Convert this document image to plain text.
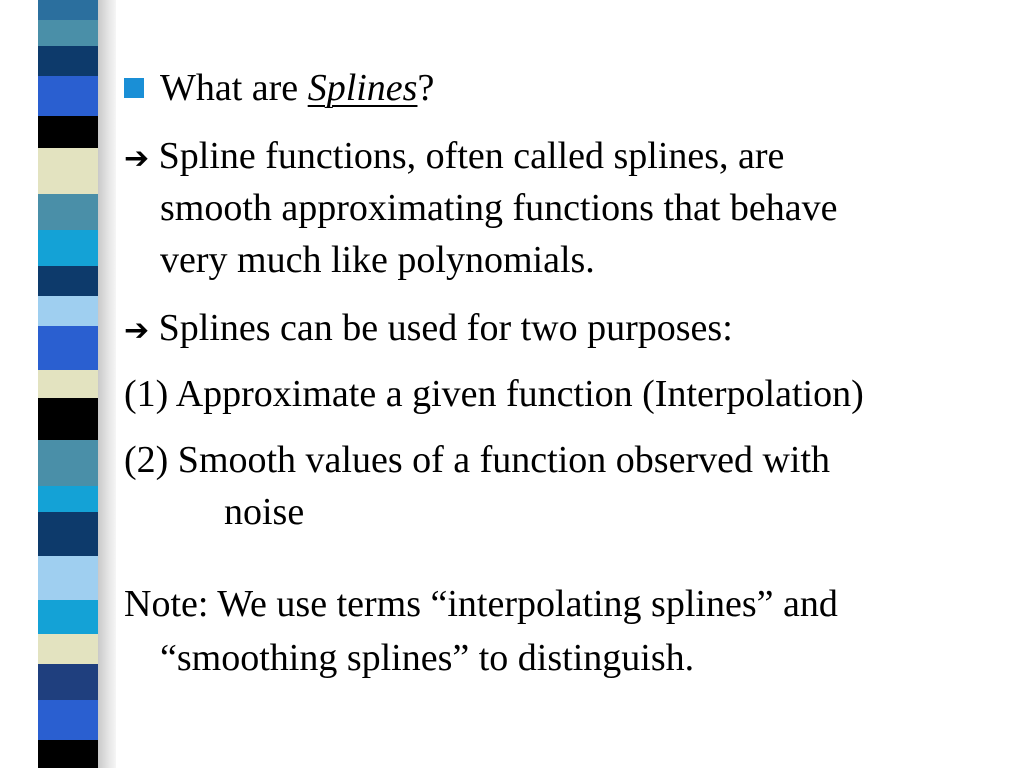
What are Splines?
➔ Spline functions, often called splines, are
smooth approximating functions that behave
very much like polynomials.
➔ Splines can be used for two purposes:
(1) Approximate a given function (Interpolation)
(2) Smooth values of a function observed with
noise
Note: We use terms “interpolating splines” and
“smoothing splines” to distinguish.
